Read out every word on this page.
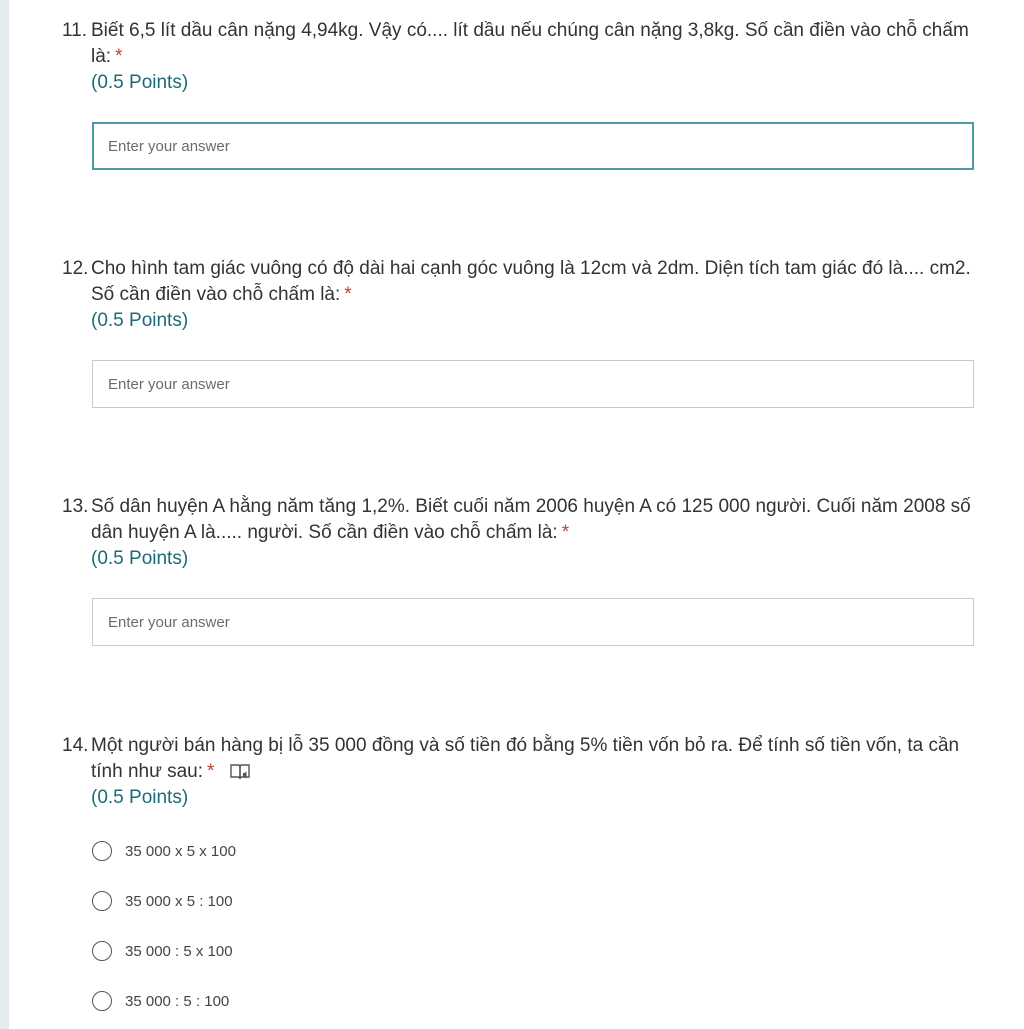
11. Biết 6,5 lít dầu cân nặng 4,94kg. Vậy có.... lít dầu nếu chúng cân nặng 3,8kg. Số cần điền vào chỗ chấm là: *
(0.5 Points)
Enter your answer
12. Cho hình tam giác vuông có độ dài hai cạnh góc vuông là 12cm và 2dm. Diện tích tam giác đó là.... cm2. Số cần điền vào chỗ chấm là: *
(0.5 Points)
Enter your answer
13. Số dân huyện A hằng năm tăng 1,2%. Biết cuối năm 2006 huyện A có 125 000 người. Cuối năm 2008 số dân huyện A là..... người. Số cần điền vào chỗ chấm là: *
(0.5 Points)
Enter your answer
14. Một người bán hàng bị lỗ 35 000 đồng và số tiền đó bằng 5% tiền vốn bỏ ra. Để tính số tiền vốn, ta cần tính như sau: *
(0.5 Points)
35 000 x 5 x 100
35 000 x 5 : 100
35 000 : 5 x 100
35 000 : 5 : 100
